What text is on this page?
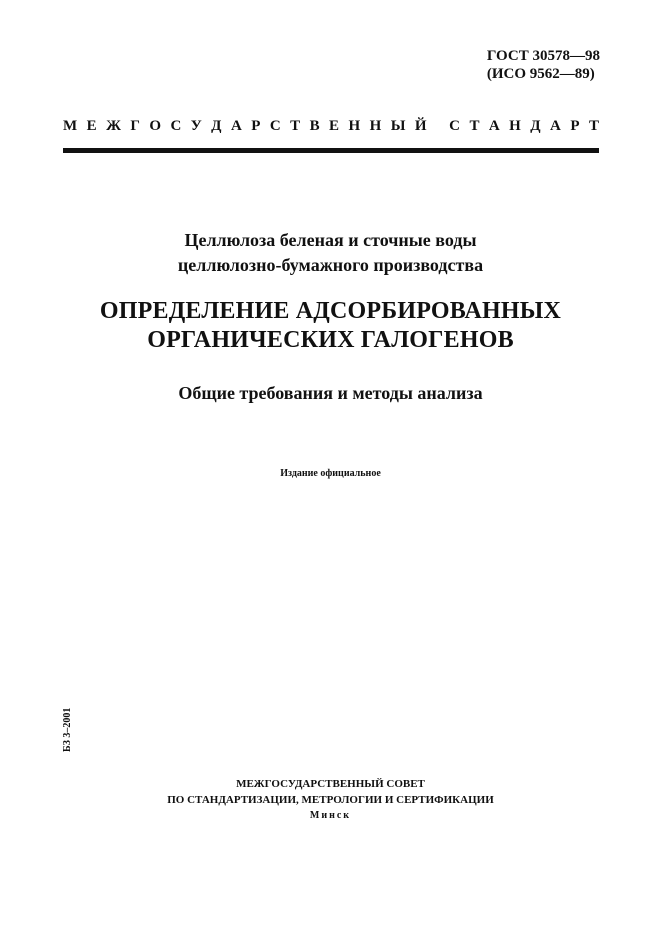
ГОСТ 30578—98
(ИСО 9562—89)
М Е Ж Г О С У Д А Р С Т В Е Н Н Ы Й
С Т А Н Д А Р Т
Целлюлоза беленая и сточные воды
целлюлозно-бумажного производства
ОПРЕДЕЛЕНИЕ АДСОРБИРОВАННЫХ
ОРГАНИЧЕСКИХ ГАЛОГЕНОВ
Общие требования и методы анализа
Издание официальное
БЗ 3–2001
МЕЖГОСУДАРСТВЕННЫЙ СОВЕТ
ПО СТАНДАРТИЗАЦИИ, МЕТРОЛОГИИ И СЕРТИФИКАЦИИ
Минск
